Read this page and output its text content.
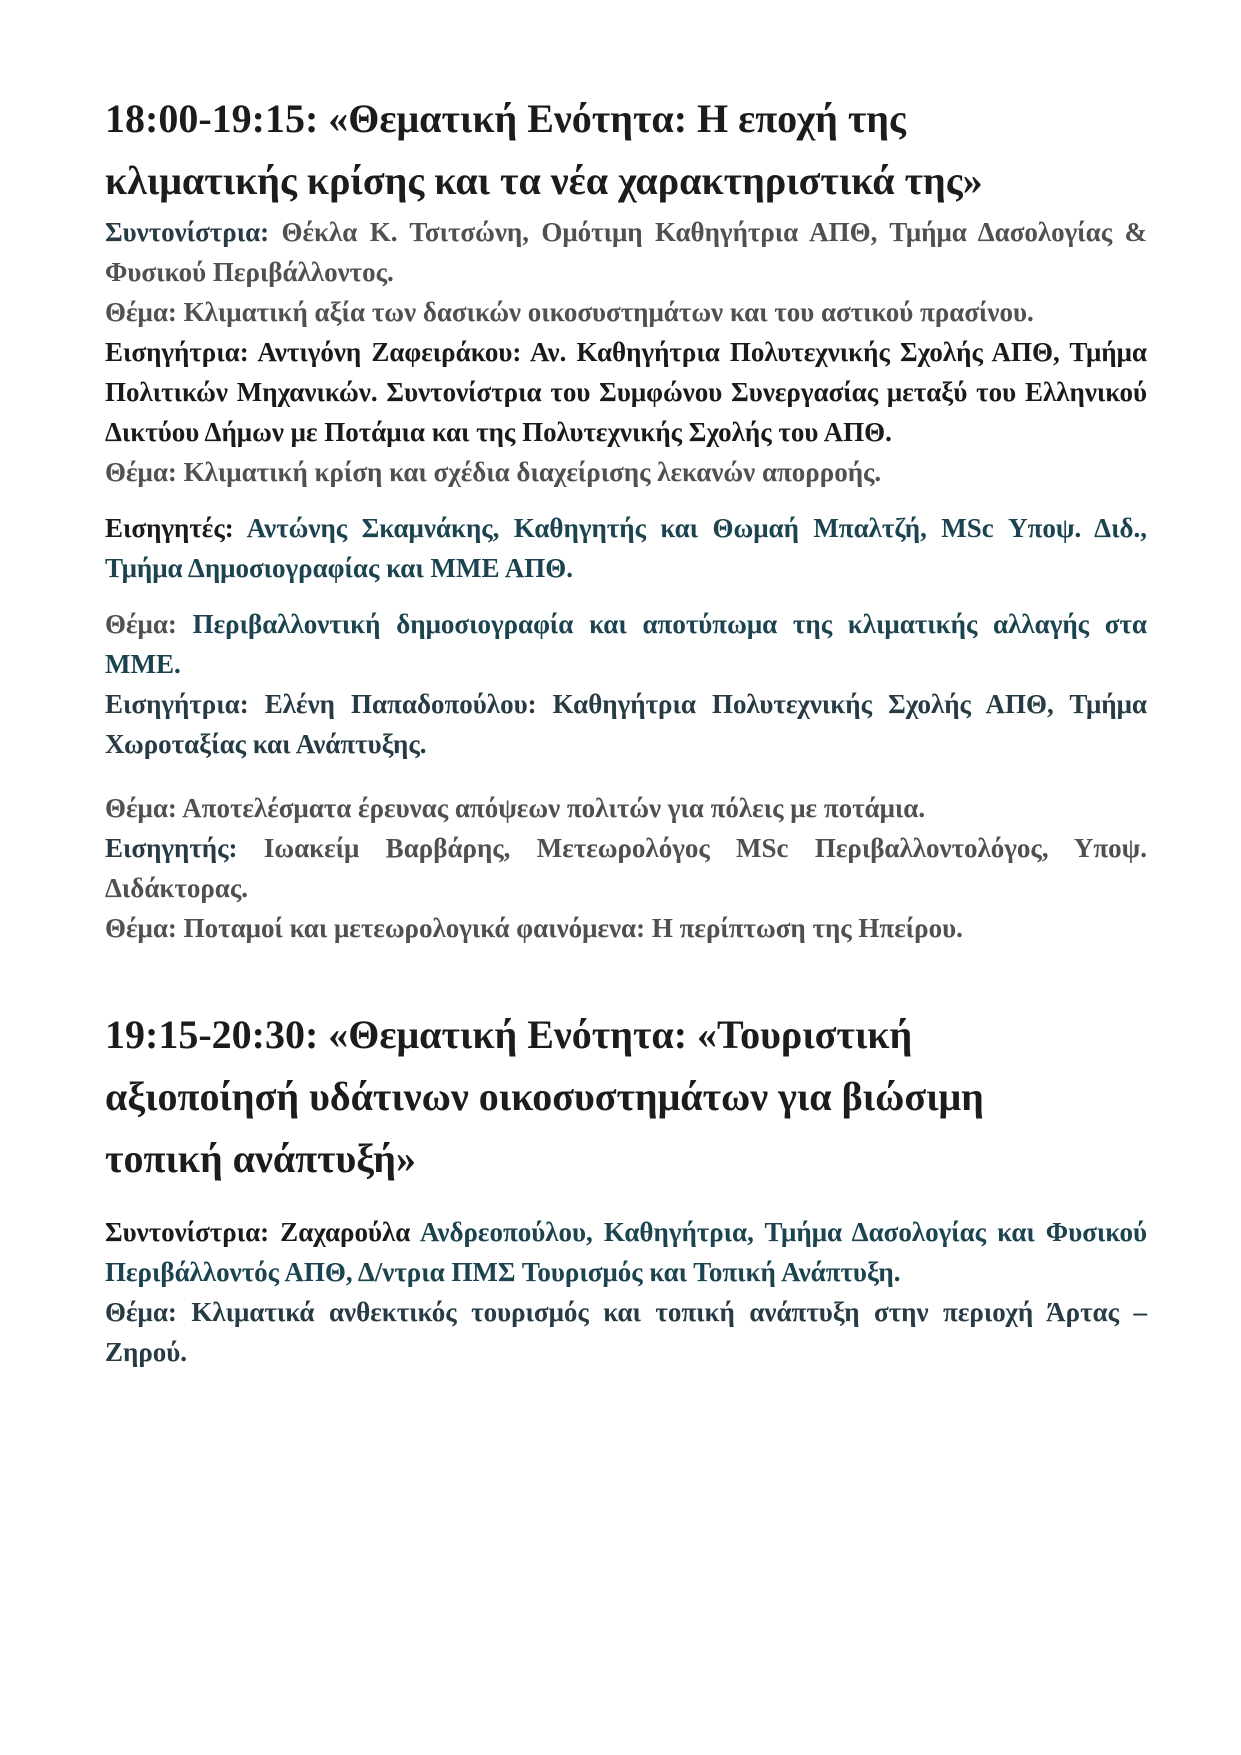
18:00-19:15: «Θεματική Ενότητα: Η εποχή της
κλιματικής κρίσης και τα νέα χαρακτηριστικά της»

Συντονίστρια: Θέκλα Κ. Τσιτσώνη, Ομότιμη Καθηγήτρια ΑΠΘ, Τμήμα Δασολογίας & Φυσικού Περιβάλλοντος.

Θέμα: Κλιματική αξία των δασικών οικοσυστημάτων και του αστικού πρασίνου.

Εισηγήτρια: Αντιγόνη Ζαφειράκου: Αν. Καθηγήτρια Πολυτεχνικής Σχολής ΑΠΘ, Τμήμα Πολιτικών Μηχανικών. Συντονίστρια του Συμφώνου Συνεργασίας μεταξύ του Ελληνικού Δικτύου Δήμων με Ποτάμια και της Πολυτεχνικής Σχολής του ΑΠΘ.

Θέμα: Κλιματική κρίση και σχέδια διαχείρισης λεκανών απορροής.

Εισηγητές: Αντώνης Σκαμνάκης, Καθηγητής και Θωμαή Μπαλτζή, MSc Υποψ. Διδ., Τμήμα Δημοσιογραφίας και ΜΜΕ ΑΠΘ.

Θέμα: Περιβαλλοντική δημοσιογραφία και αποτύπωμα της κλιματικής αλλαγής στα ΜΜΕ.

Εισηγήτρια: Ελένη Παπαδοπούλου: Καθηγήτρια Πολυτεχνικής Σχολής ΑΠΘ, Τμήμα Χωροταξίας και Ανάπτυξης.

Θέμα: Αποτελέσματα έρευνας απόψεων πολιτών για πόλεις με ποτάμια.

Εισηγητής: Ιωακείμ Βαρβάρης, Μετεωρολόγος MSc Περιβαλλοντολόγος, Υποψ. Διδάκτορας.

Θέμα: Ποταμοί και μετεωρολογικά φαινόμενα: Η περίπτωση της Ηπείρου.

19:15-20:30: «Θεματική Ενότητα: «Τουριστική
αξιοποίησή υδάτινων οικοσυστημάτων για βιώσιμη
τοπική ανάπτυξή»

Συντονίστρια: Ζαχαρούλα Ανδρεοπούλου, Καθηγήτρια, Τμήμα Δασολογίας και Φυσικού Περιβάλλοντός ΑΠΘ, Δ/ντρια ΠΜΣ Τουρισμός και Τοπική Ανάπτυξη.

Θέμα: Κλιματικά ανθεκτικός τουρισμός και τοπική ανάπτυξη στην περιοχή Άρτας – Ζηρού.
